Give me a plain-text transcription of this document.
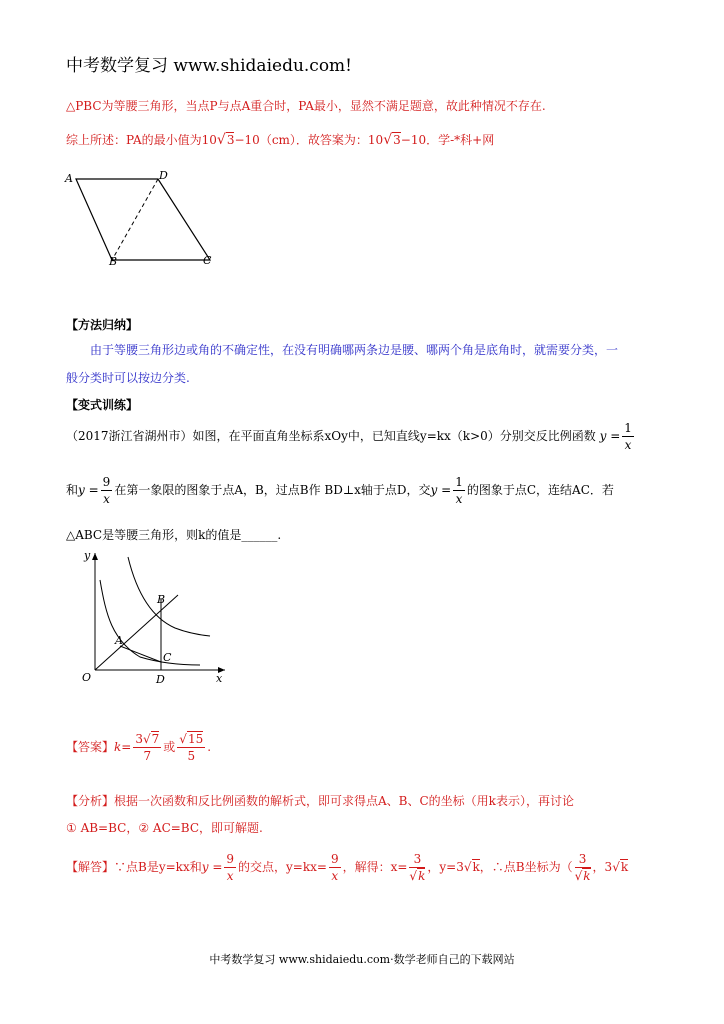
中考数学复习 www.shidaiedu.com!
△PBC为等腰三角形，当点P与点A重合时，PA最小，显然不满足题意，故此种情况不存在.
综上所述：PA的最小值为10√3−10（cm）．故答案为：10√3−10．学-*科+网
A	D
B	C
【方法归纳】
由于等腰三角形边或角的不确定性，在没有明确哪两条边是腰、哪两个角是底角时，就需要分类，一
般分类时可以按边分类.
【变式训练】
（2017浙江省湖州市）如图，在平面直角坐标系xOy中，已知直线y=kx（k>0）分别交反比例函数 $y = \frac{1}{x}$
和$y = \frac{9}{x}$ 在第一象限的图象于点A，B，过点B作 BD⊥x轴于点D，交$y = \frac{1}{x}$ 的图象于点C，连结AC．若
△ABC是等腰三角形，则k的值是______.
y
x
O
A
B
C
D
【答案】$k= \frac{3√7}{7}$ 或 $\frac{√15}{5}$ .
【分析】根据一次函数和反比例函数的解析式，即可求得点A、B、C的坐标（用k表示），再讨论
① AB=BC，② AC=BC，即可解题.
【解答】∵点B是y=kx和$y = \frac{9}{x}$ 的交点，$y=kx= \frac{9}{x}$ ，解得：$x= \frac{3}{√k}$ ，y=3√k，∴点B坐标为（ $\frac{3}{√k}$ ，3√k
中考数学复习 www.shidaiedu.com·数学老师自己的下载网站
